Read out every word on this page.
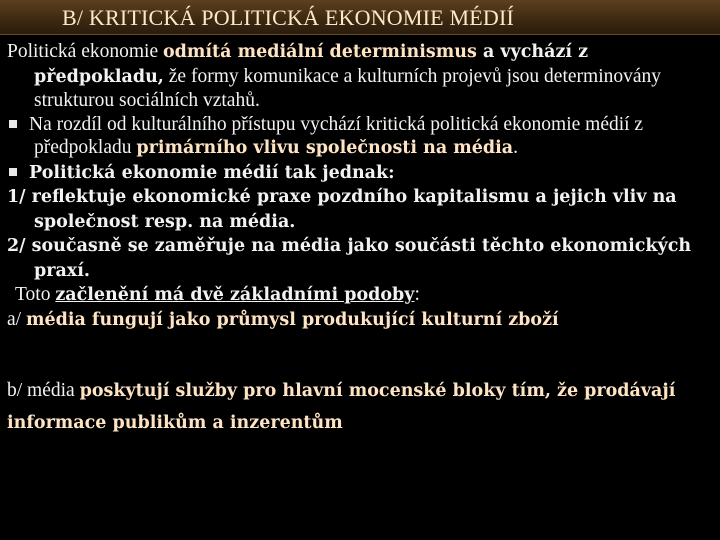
B/ KRITICKÁ POLITICKÁ EKONOMIE MÉDIÍ

Politická ekonomie odmítá mediální determinismus a vychází z předpokladu, že formy komunikace a kulturních projevů jsou determinovány strukturou sociálních vztahů.

Na rozdíl od kulturálního přístupu vychází kritická politická ekonomie médií z předpokladu primárního vlivu společnosti na média.

Politická ekonomie médií tak jednak:

1/ reflektuje ekonomické praxe pozdního kapitalismu a jejich vliv na společnost resp. na média.

2/ současně se zaměřuje na média jako součásti těchto ekonomických praxí.

Toto začlenění má dvě základními podoby:

a/ média fungují jako průmysl produkující kulturní zboží

b/ média poskytují služby pro hlavní mocenské bloky tím, že prodávají informace publikům a inzerentům
